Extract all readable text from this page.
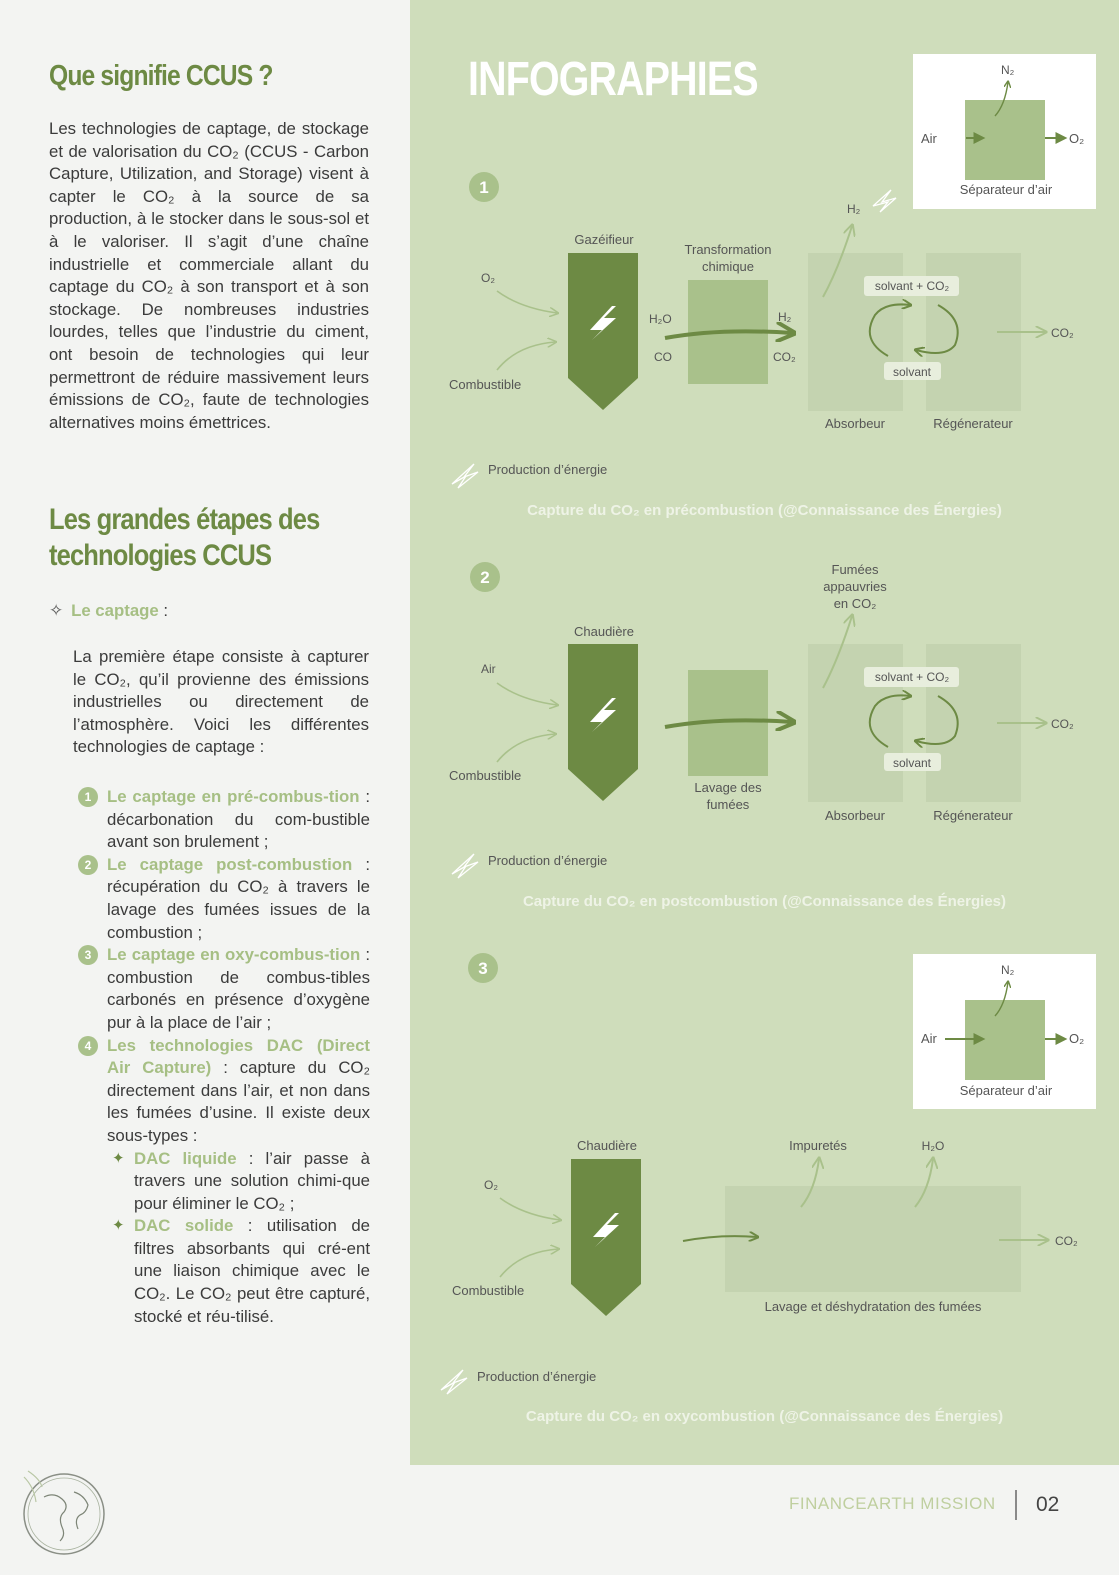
Que signifie CCUS ?
Les technologies de captage, de stockage et de valorisation du CO₂ (CCUS - Carbon Capture, Utilization, and Storage) visent à capter le CO₂ à la source de sa production, à le stocker dans le sous-sol et à le valoriser. Il s’agit d’une chaîne industrielle et commerciale allant du captage du CO₂ à son transport et à son stockage. De nombreuses industries lourdes, telles que l’industrie du ciment, ont besoin de technologies qui leur permettront de réduire massivement leurs émissions de CO₂, faute de technologies alternatives moins émettrices.
Les grandes étapes des technologies CCUS
✧ Le captage :
La première étape consiste à capturer le CO₂, qu’il provienne des émissions industrielles ou directement de l’atmosphère. Voici les différentes technologies de captage :
1 Le captage en pré-combus-tion : décarbonation du com-bustible avant son brulement ;
2 Le captage post-combustion : récupération du CO₂ à travers le lavage des fumées issues de la combustion ;
3 Le captage en oxy-combus-tion : combustion de combus-tibles carbonés en présence d’oxygène pur à la place de l’air ;
4 Les technologies DAC (Direct Air Capture) : capture du CO₂ directement dans l’air, et non dans les fumées d’usine. Il existe deux sous-types :
✦ DAC liquide : l’air passe à travers une solution chimi-que pour éliminer le CO₂ ;
✦ DAC solide : utilisation de filtres absorbants qui cré-ent une liaison chimique avec le CO₂. Le CO₂ peut être capturé, stocké et réu-tilisé.
INFOGRAPHIES
Air	O₂
N₂
Séparateur d’air
1
Gazéifieur
O₂
Combustible
Transformation chimique
H₂O
CO
H₂
CO₂
H₂
solvant + CO₂
solvant
CO₂
Absorbeur	Régénerateur
Production d’énergie
2
Chaudière
Air
Combustible
Lavage des fumées
Fumées appauvries en CO₂
solvant + CO₂
solvant
CO₂
Absorbeur	Régénerateur
Production d’énergie
Air	O₂
N₂
Séparateur d’air
3
Chaudière
O₂
Combustible
Impuretés	H₂O
CO₂
Lavage et déshydratation des fumées
Production d’énergie
Capture du CO₂ en précombustion (@Connaissance des Énergies)
Capture du CO₂ en postcombustion (@Connaissance des Énergies)
Capture du CO₂ en oxycombustion (@Connaissance des Énergies)
FINANCEARTH MISSION 02
